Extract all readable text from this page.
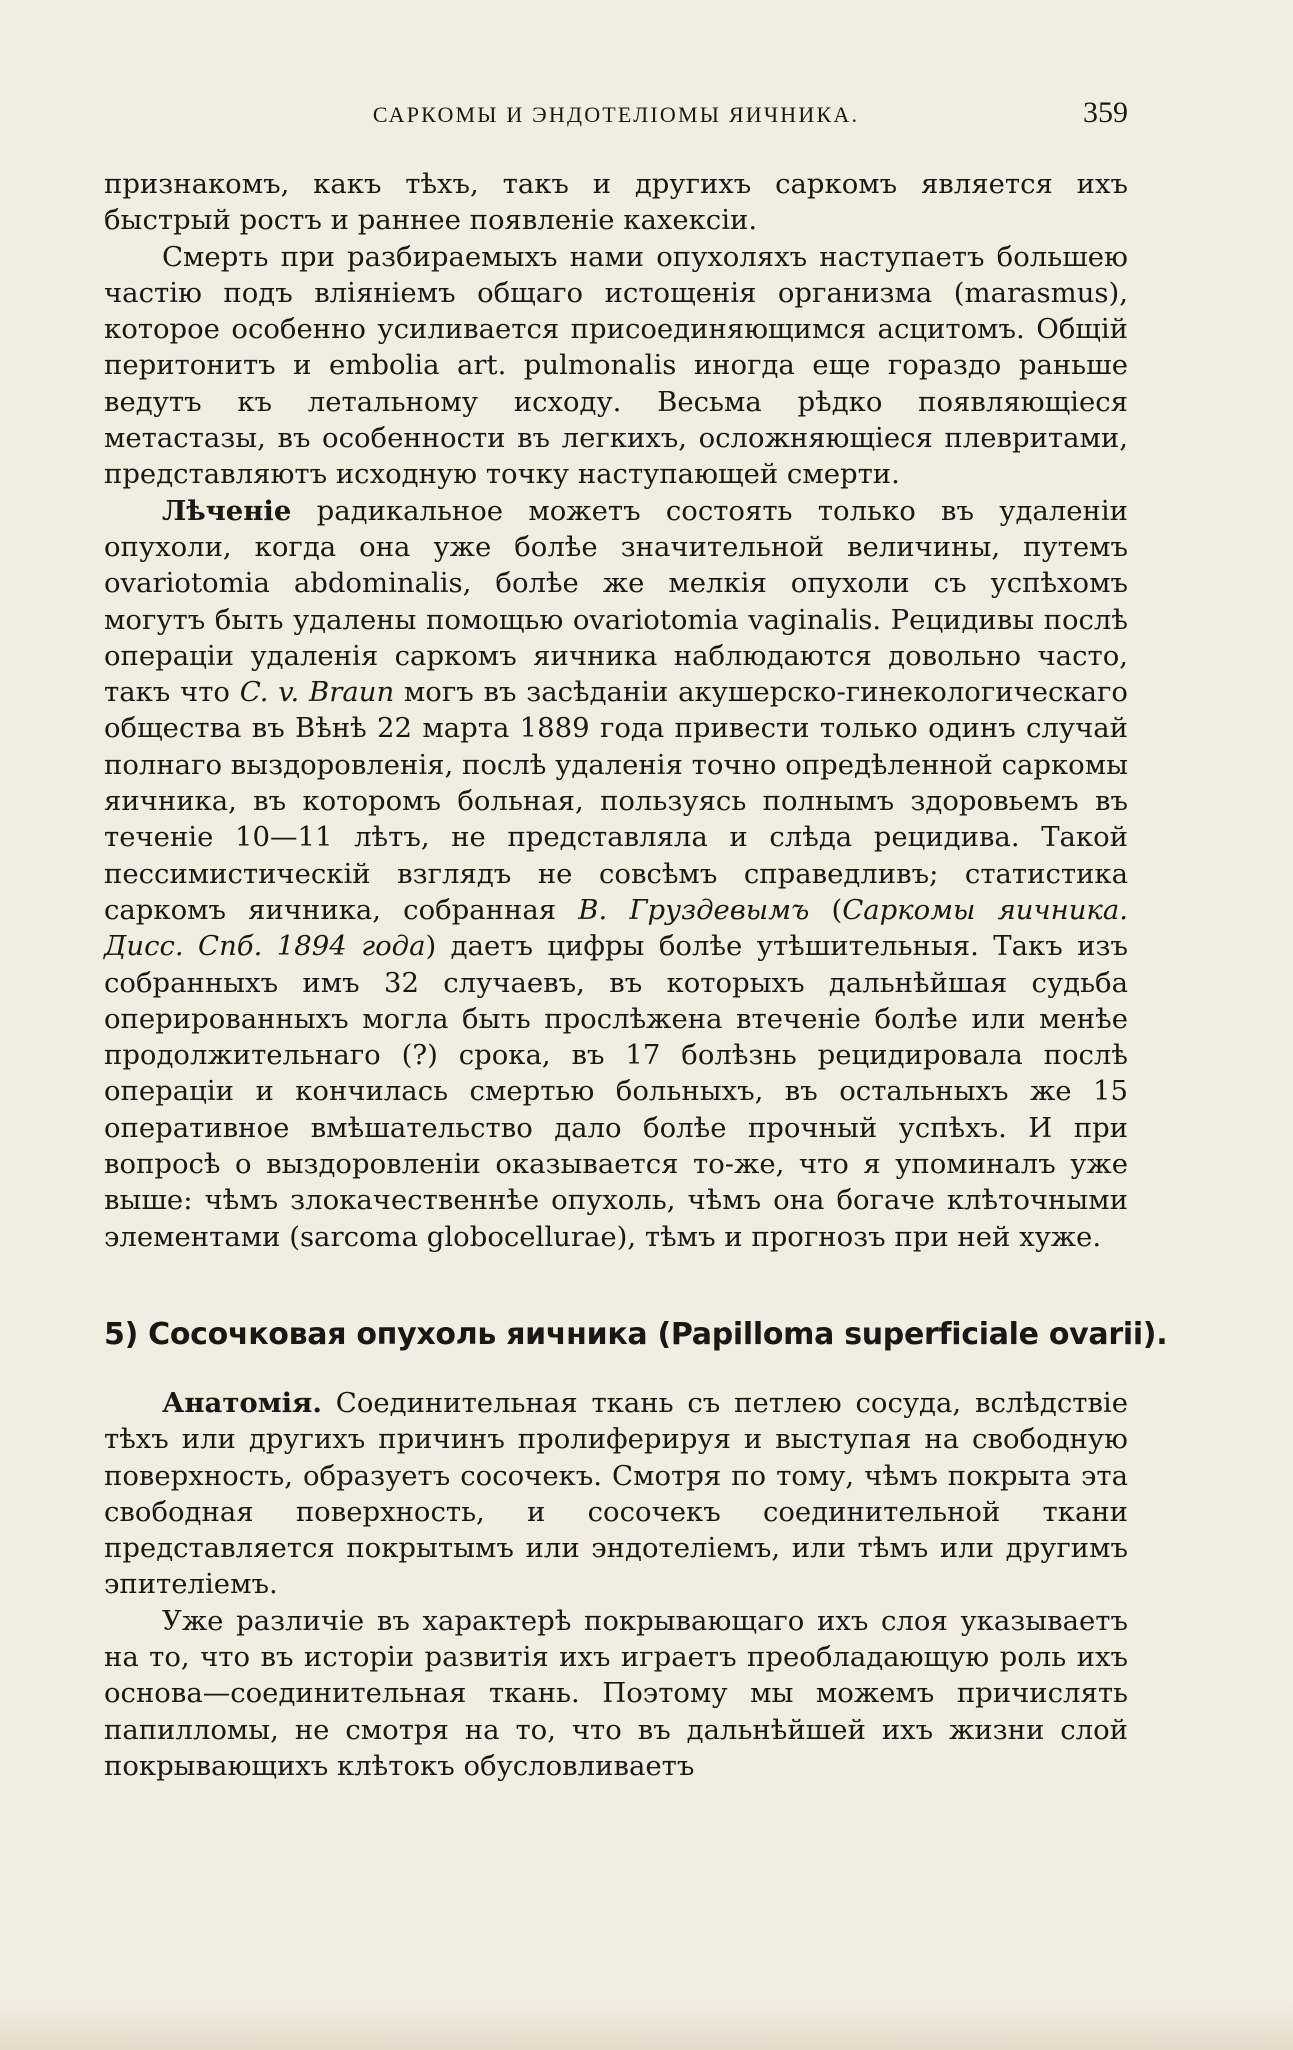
САРКОМЫ И ЭНДОТЕЛIОМЫ ЯИЧНИКА.	359

признакомъ, какъ тѣхъ, такъ и другихъ саркомъ является ихъ быстрый ростъ и раннее появленiе кахексiи.

Смерть при разбираемыхъ нами опухоляхъ наступаетъ большею частiю подъ влiянiемъ общаго истощенiя организма (marasmus), которое особенно усиливается присоединяющимся асцитомъ. Общiй перитонитъ и embolia art. pulmonalis иногда еще гораздо раньше ведутъ къ летальному исходу. Весьма рѣдко появляющiеся метастазы, въ особенности въ легкихъ, осложняющiеся плевритами, представляютъ исходную точку наступающей смерти.

Лѣченiе радикальное можетъ состоять только въ удаленiи опухоли, когда она уже болѣе значительной величины, путемъ ovariotomia abdominalis, болѣе же мелкiя опухоли съ успѣхомъ могутъ быть удалены помощью ovariotomia vaginalis. Рецидивы послѣ операцiи удаленiя саркомъ яичника наблюдаются довольно часто, такъ что C. v. Braun могъ въ засѣданiи акушерско-гинекологическаго общества въ Вѣнѣ 22 марта 1889 года привести только одинъ случай полнаго выздоровленiя, послѣ удаленiя точно опредѣленной саркомы яичника, въ которомъ больная, пользуясь полнымъ здоровьемъ въ теченiе 10—11 лѣтъ, не представляла и слѣда рецидива. Такой пессимистическiй взглядъ не совсѣмъ справедливъ; статистика саркомъ яичника, собранная В. Груздевымъ (Саркомы яичника. Дисс. Спб. 1894 года) даетъ цифры болѣе утѣшительныя. Такъ изъ собранныхъ имъ 32 случаевъ, въ которыхъ дальнѣйшая судьба оперированныхъ могла быть прослѣжена втеченiе болѣе или менѣе продолжительнаго (?) срока, въ 17 болѣзнь рецидировала послѣ операцiи и кончилась смертью больныхъ, въ остальныхъ же 15 оперативное вмѣшательство дало болѣе прочный успѣхъ. И при вопросѣ о выздоровленiи оказывается то-же, что я упоминалъ уже выше: чѣмъ злокачественнѣе опухоль, чѣмъ она богаче клѣточными элементами (sarcoma globocellurae), тѣмъ и прогнозъ при ней хуже.

5) Сосочковая опухоль яичника (Papilloma superficiale ovarii).

Анатомiя. Соединительная ткань съ петлею сосуда, вслѣдствiе тѣхъ или другихъ причинъ пролиферируя и выступая на свободную поверхность, образуетъ сосочекъ. Смотря по тому, чѣмъ покрыта эта свободная поверхность, и сосочекъ соединительной ткани представляется покрытымъ или эндотелiемъ, или тѣмъ или другимъ эпителiемъ.

Уже различiе въ характерѣ покрывающаго ихъ слоя указываетъ на то, что въ исторiи развитiя ихъ играетъ преобладающую роль ихъ основа—соединительная ткань. Поэтому мы можемъ причислять папилломы, не смотря на то, что въ дальнѣйшей ихъ жизни слой покрывающихъ клѣтокъ обусловливаетъ
